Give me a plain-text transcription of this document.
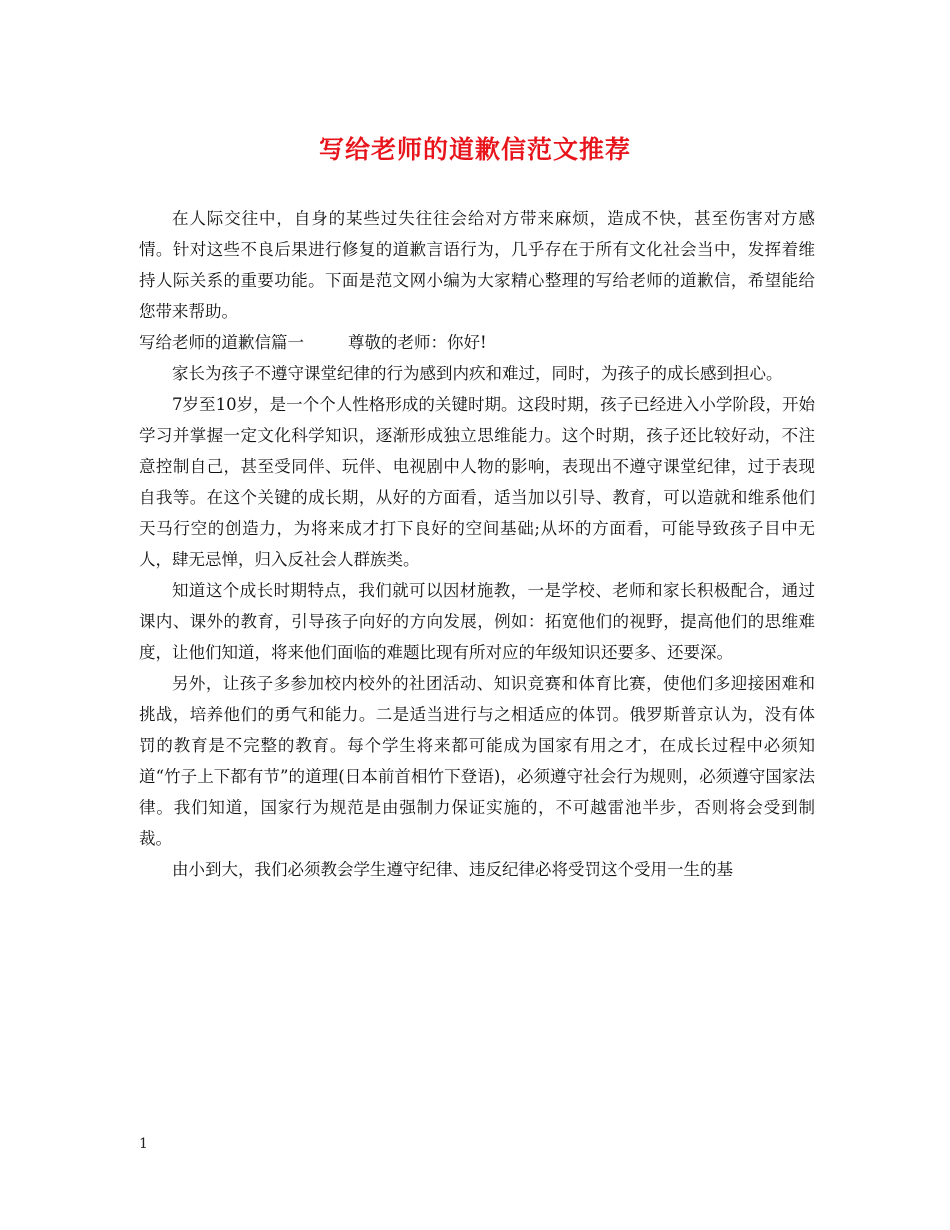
写给老师的道歉信范文推荐

在人际交往中，自身的某些过失往往会给对方带来麻烦，造成不快，甚至伤害对方感情。针对这些不良后果进行修复的道歉言语行为，几乎存在于所有文化社会当中，发挥着维持人际关系的重要功能。下面是范文网小编为大家精心整理的写给老师的道歉信，希望能给您带来帮助。

写给老师的道歉信篇一	尊敬的老师：你好!

家长为孩子不遵守课堂纪律的行为感到内疚和难过，同时，为孩子的成长感到担心。

7岁至10岁，是一个个人性格形成的关键时期。这段时期，孩子已经进入小学阶段，开始学习并掌握一定文化科学知识，逐渐形成独立思维能力。这个时期，孩子还比较好动，不注意控制自己，甚至受同伴、玩伴、电视剧中人物的影响，表现出不遵守课堂纪律，过于表现自我等。在这个关键的成长期，从好的方面看，适当加以引导、教育，可以造就和维系他们天马行空的创造力，为将来成才打下良好的空间基础;从坏的方面看，可能导致孩子目中无人，肆无忌惮，归入反社会人群族类。

知道这个成长时期特点，我们就可以因材施教，一是学校、老师和家长积极配合，通过课内、课外的教育，引导孩子向好的方向发展，例如：拓宽他们的视野，提高他们的思维难度，让他们知道，将来他们面临的难题比现有所对应的年级知识还要多、还要深。

另外，让孩子多参加校内校外的社团活动、知识竞赛和体育比赛，使他们多迎接困难和挑战，培养他们的勇气和能力。二是适当进行与之相适应的体罚。俄罗斯普京认为，没有体罚的教育是不完整的教育。每个学生将来都可能成为国家有用之才，在成长过程中必须知道“竹子上下都有节”的道理(日本前首相竹下登语)，必须遵守社会行为规则，必须遵守国家法律。我们知道，国家行为规范是由强制力保证实施的，不可越雷池半步，否则将会受到制裁。

由小到大，我们必须教会学生遵守纪律、违反纪律必将受罚这个受用一生的基

1
